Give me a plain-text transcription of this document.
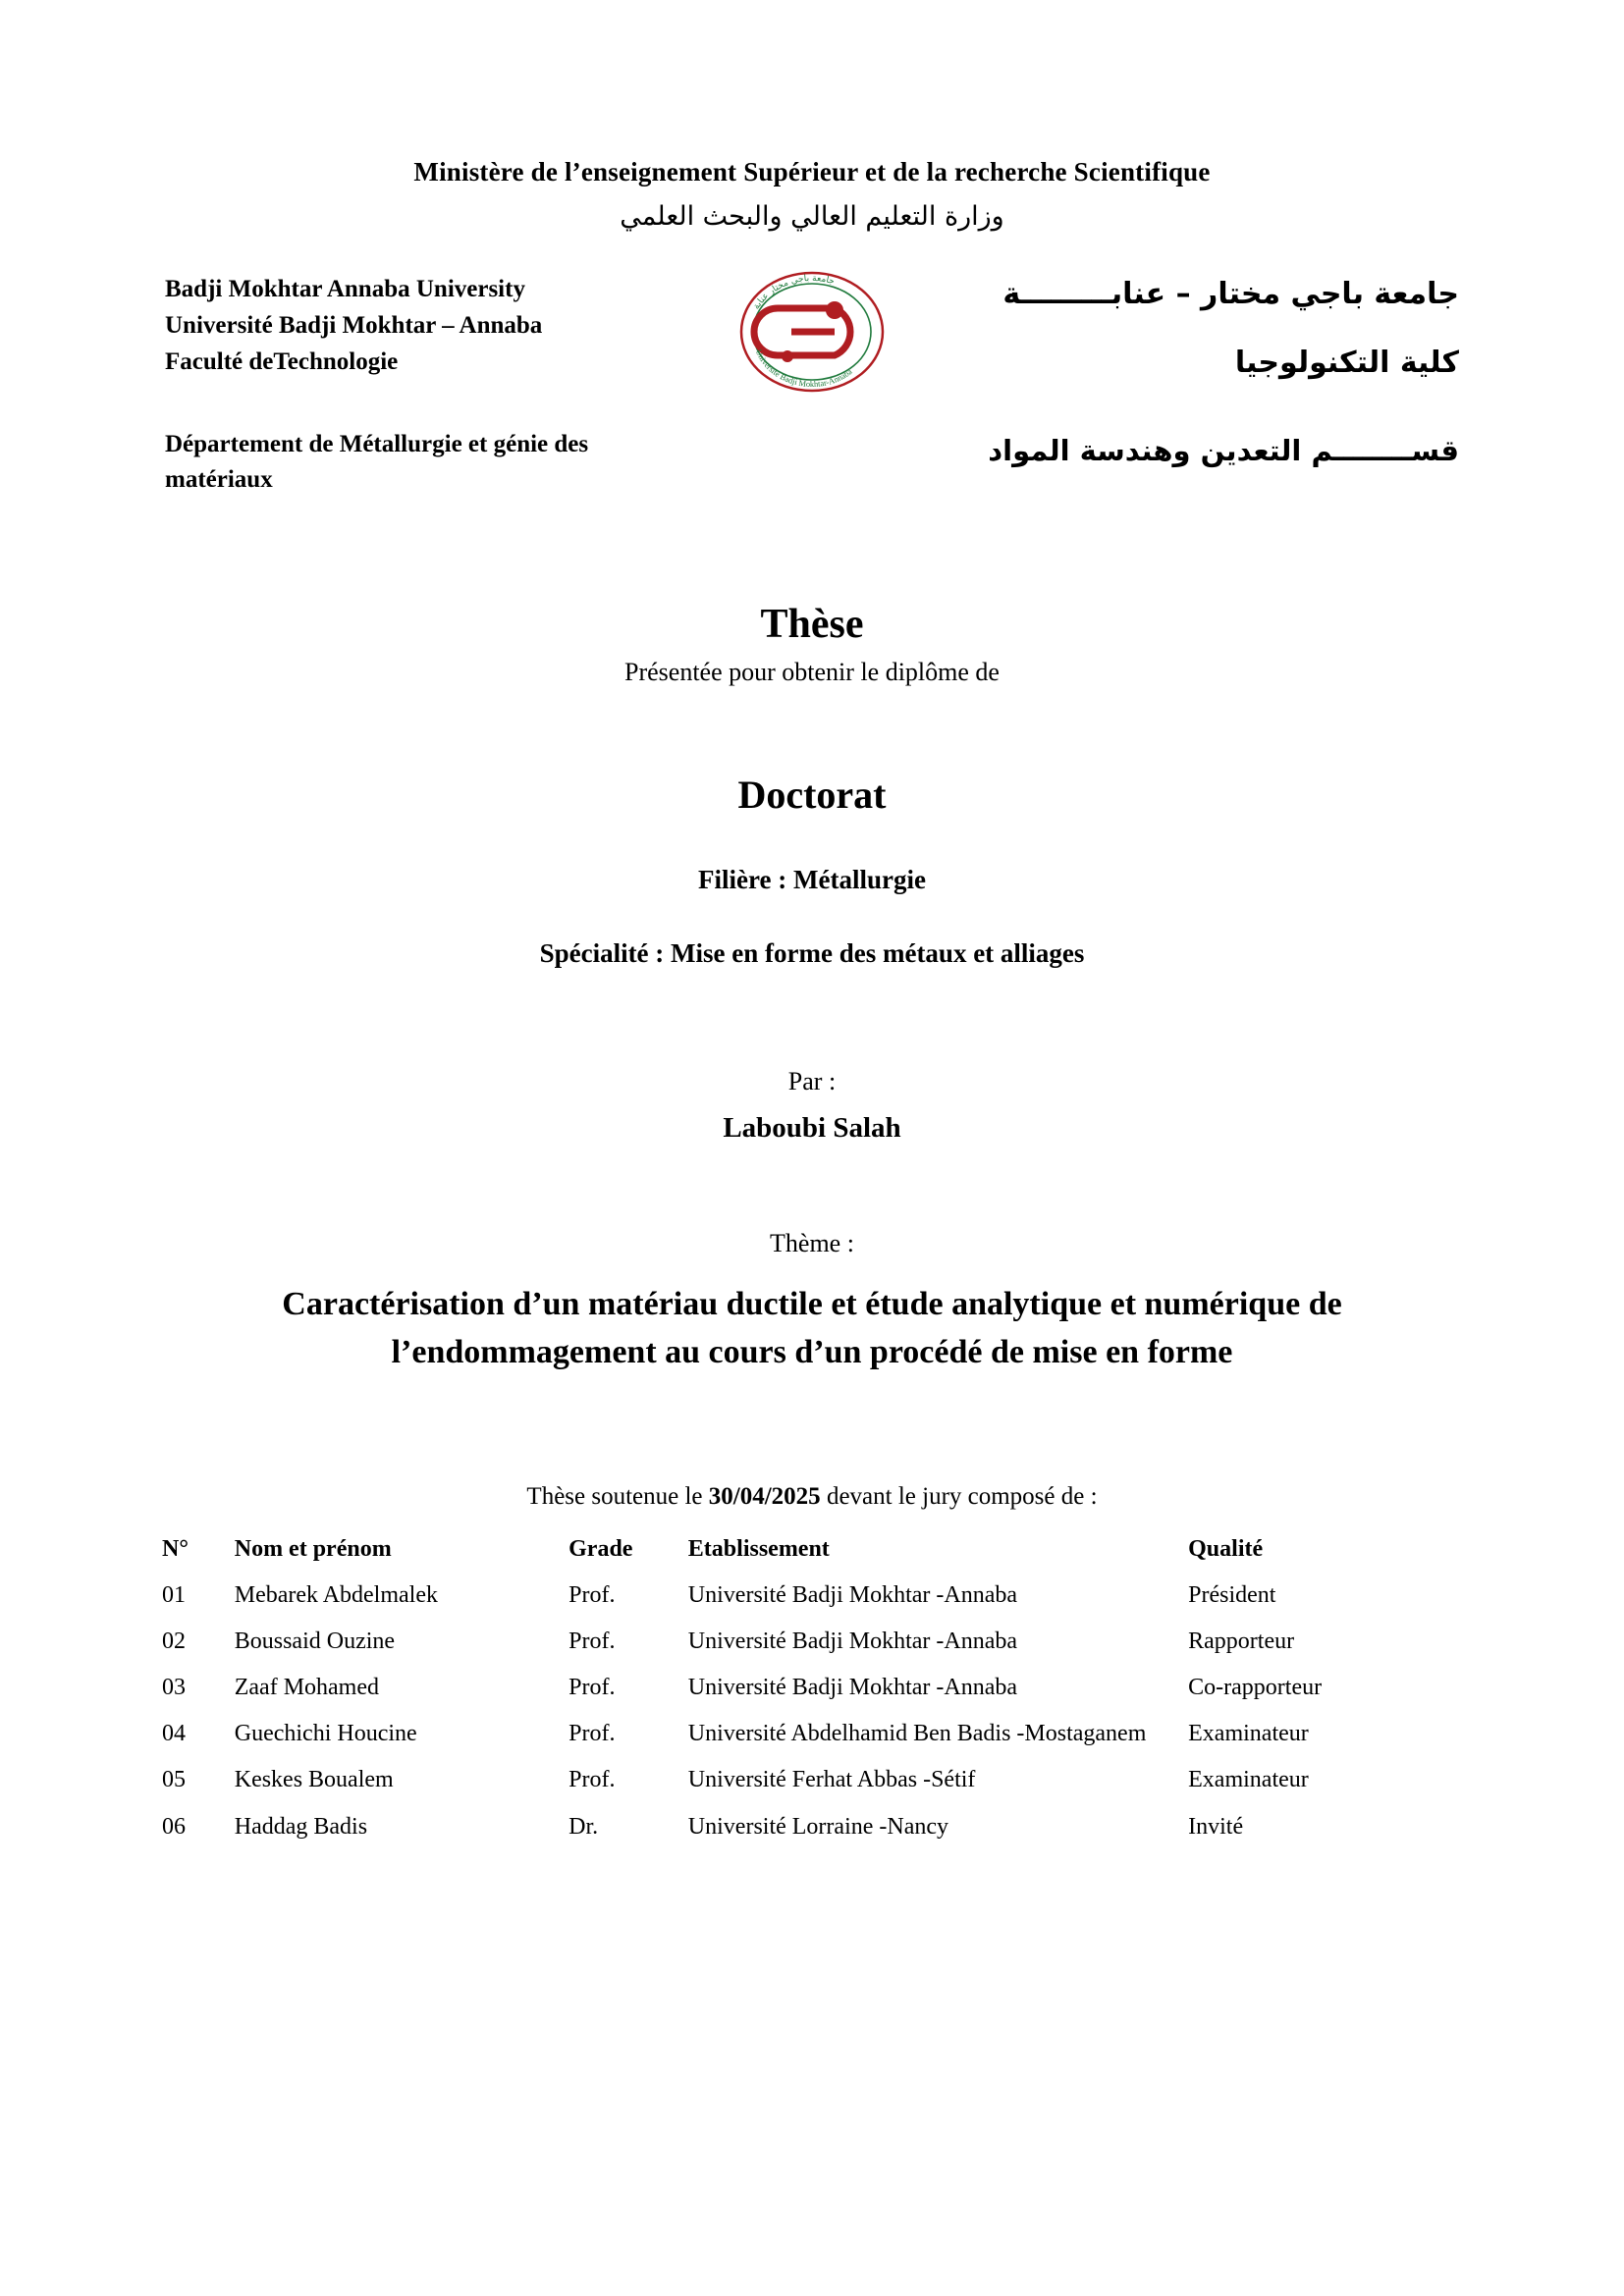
Ministère de l’enseignement Supérieur et de la recherche Scientifique
وزارة التعليم العالي والبحث العلمي
Badji Mokhtar Annaba University
Université Badji Mokhtar – Annaba
Faculté deTechnologie
Département de Métallurgie et génie des matériaux
جامعة باجي مختار عنابة
Université Badji Mokhtar-Annaba
جامعة باجي مختار – عنابـــــــــة
كلية التكنولوجيا
قســــــــم التعدين وهندسة المواد
Thèse
Présentée pour obtenir le diplôme de
Doctorat
Filière : Métallurgie
Spécialité : Mise en forme des métaux et alliages
Par :
Laboubi Salah
Thème :
Caractérisation d’un matériau ductile et étude analytique et numérique de l’endommagement au cours d’un procédé de mise en forme
Thèse soutenue le 30/04/2025 devant le jury composé de :
N°	Nom et prénom	Grade	Etablissement	Qualité
01	Mebarek Abdelmalek	Prof.	Université Badji Mokhtar -Annaba	Président
02	Boussaid Ouzine	Prof.	Université Badji Mokhtar -Annaba	Rapporteur
03	Zaaf Mohamed	Prof.	Université Badji Mokhtar -Annaba	Co-rapporteur
04	Guechichi Houcine	Prof.	Université Abdelhamid Ben Badis -Mostaganem	Examinateur
05	Keskes Boualem	Prof.	Université Ferhat Abbas -Sétif	Examinateur
06	Haddag Badis	Dr.	Université Lorraine -Nancy	Invité
